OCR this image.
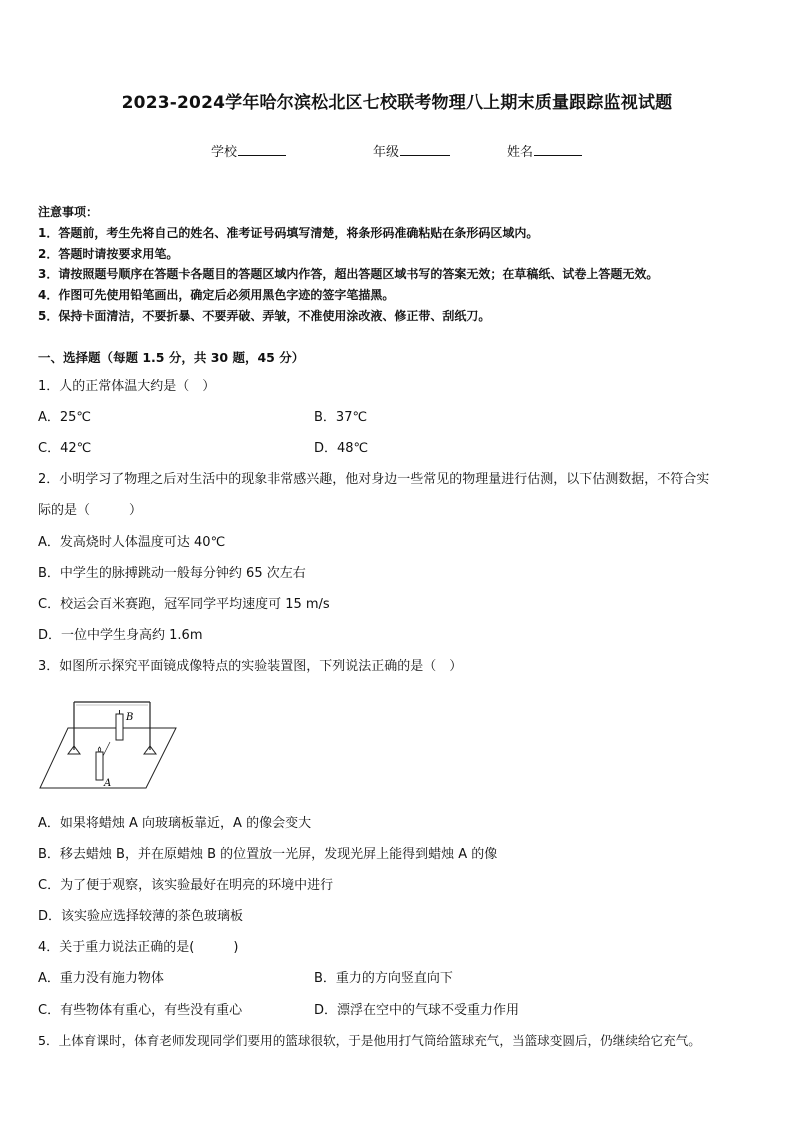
2023-2024学年哈尔滨松北区七校联考物理八上期末质量跟踪监视试题
学校	年级	姓名
注意事项：
1．答题前，考生先将自己的姓名、准考证号码填写清楚，将条形码准确粘贴在条形码区域内。
2．答题时请按要求用笔。
3．请按照题号顺序在答题卡各题目的答题区域内作答，超出答题区域书写的答案无效；在草稿纸、试卷上答题无效。
4．作图可先使用铅笔画出，确定后必须用黑色字迹的签字笔描黑。
5．保持卡面清洁，不要折暴、不要弄破、弄皱，不准使用涂改液、修正带、刮纸刀。
一、选择题（每题 1.5 分，共 30 题，45 分）
1．人的正常体温大约是（　）
A．25℃	B．37℃
C．42℃	D．48℃
2．小明学习了物理之后对生活中的现象非常感兴趣，他对身边一些常见的物理量进行估测，以下估测数据，不符合实
际的是（　　　）
A．发高烧时人体温度可达 40℃
B．中学生的脉搏跳动一般每分钟约 65 次左右
C．校运会百米赛跑，冠军同学平均速度可 15 m/s
D．一位中学生身高约 1.6m
3．如图所示探究平面镜成像特点的实验装置图，下列说法正确的是（　）
B
A
A．如果将蜡烛 A 向玻璃板靠近，A 的像会变大
B．移去蜡烛 B，并在原蜡烛 B 的位置放一光屏，发现光屏上能得到蜡烛 A 的像
C．为了便于观察，该实验最好在明亮的环境中进行
D．该实验应选择较薄的茶色玻璃板
4．关于重力说法正确的是(　　　)
A．重力没有施力物体	B．重力的方向竖直向下
C．有些物体有重心，有些没有重心	D．漂浮在空中的气球不受重力作用
5．上体育课时，体育老师发现同学们要用的篮球很软，于是他用打气筒给篮球充气，当篮球变圆后，仍继续给它充气。
